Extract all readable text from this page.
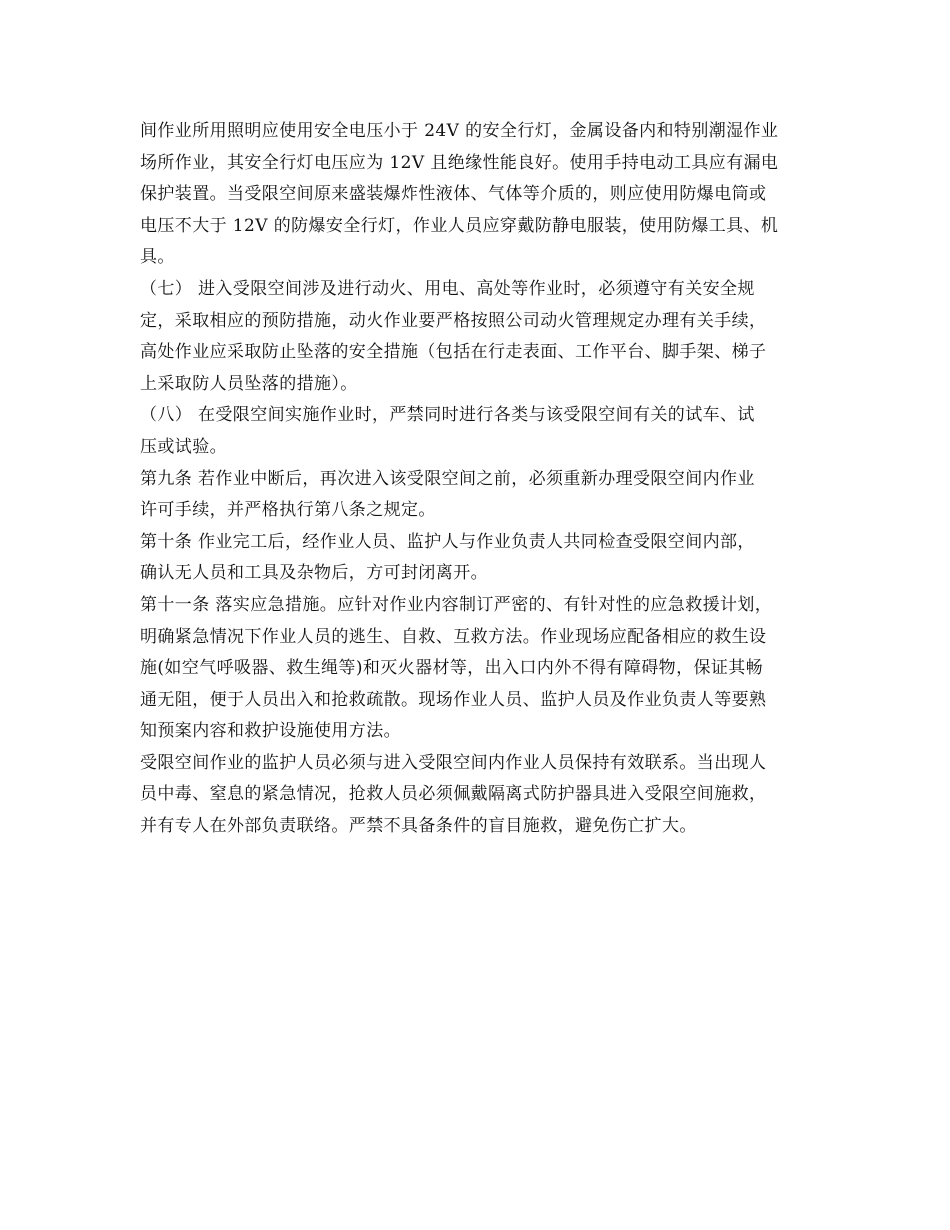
间作业所用照明应使用安全电压小于 24V 的安全行灯，金属设备内和特别潮湿作业
场所作业，其安全行灯电压应为 12V 且绝缘性能良好。使用手持电动工具应有漏电
保护装置。当受限空间原来盛装爆炸性液体、气体等介质的，则应使用防爆电筒或
电压不大于 12V 的防爆安全行灯，作业人员应穿戴防静电服装，使用防爆工具、机
具。
（七） 进入受限空间涉及进行动火、用电、高处等作业时，必须遵守有关安全规
定，采取相应的预防措施，动火作业要严格按照公司动火管理规定办理有关手续，
高处作业应采取防止坠落的安全措施（包括在行走表面、工作平台、脚手架、梯子
上采取防人员坠落的措施）。
（八） 在受限空间实施作业时，严禁同时进行各类与该受限空间有关的试车、试
压或试验。
第九条 若作业中断后，再次进入该受限空间之前，必须重新办理受限空间内作业
许可手续，并严格执行第八条之规定。
第十条 作业完工后，经作业人员、监护人与作业负责人共同检查受限空间内部，
确认无人员和工具及杂物后，方可封闭离开。
第十一条 落实应急措施。应针对作业内容制订严密的、有针对性的应急救援计划，
明确紧急情况下作业人员的逃生、自救、互救方法。作业现场应配备相应的救生设
施(如空气呼吸器、救生绳等)和灭火器材等，出入口内外不得有障碍物，保证其畅
通无阻，便于人员出入和抢救疏散。现场作业人员、监护人员及作业负责人等要熟
知预案内容和救护设施使用方法。
受限空间作业的监护人员必须与进入受限空间内作业人员保持有效联系。当出现人
员中毒、窒息的紧急情况，抢救人员必须佩戴隔离式防护器具进入受限空间施救，
并有专人在外部负责联络。严禁不具备条件的盲目施救，避免伤亡扩大。
